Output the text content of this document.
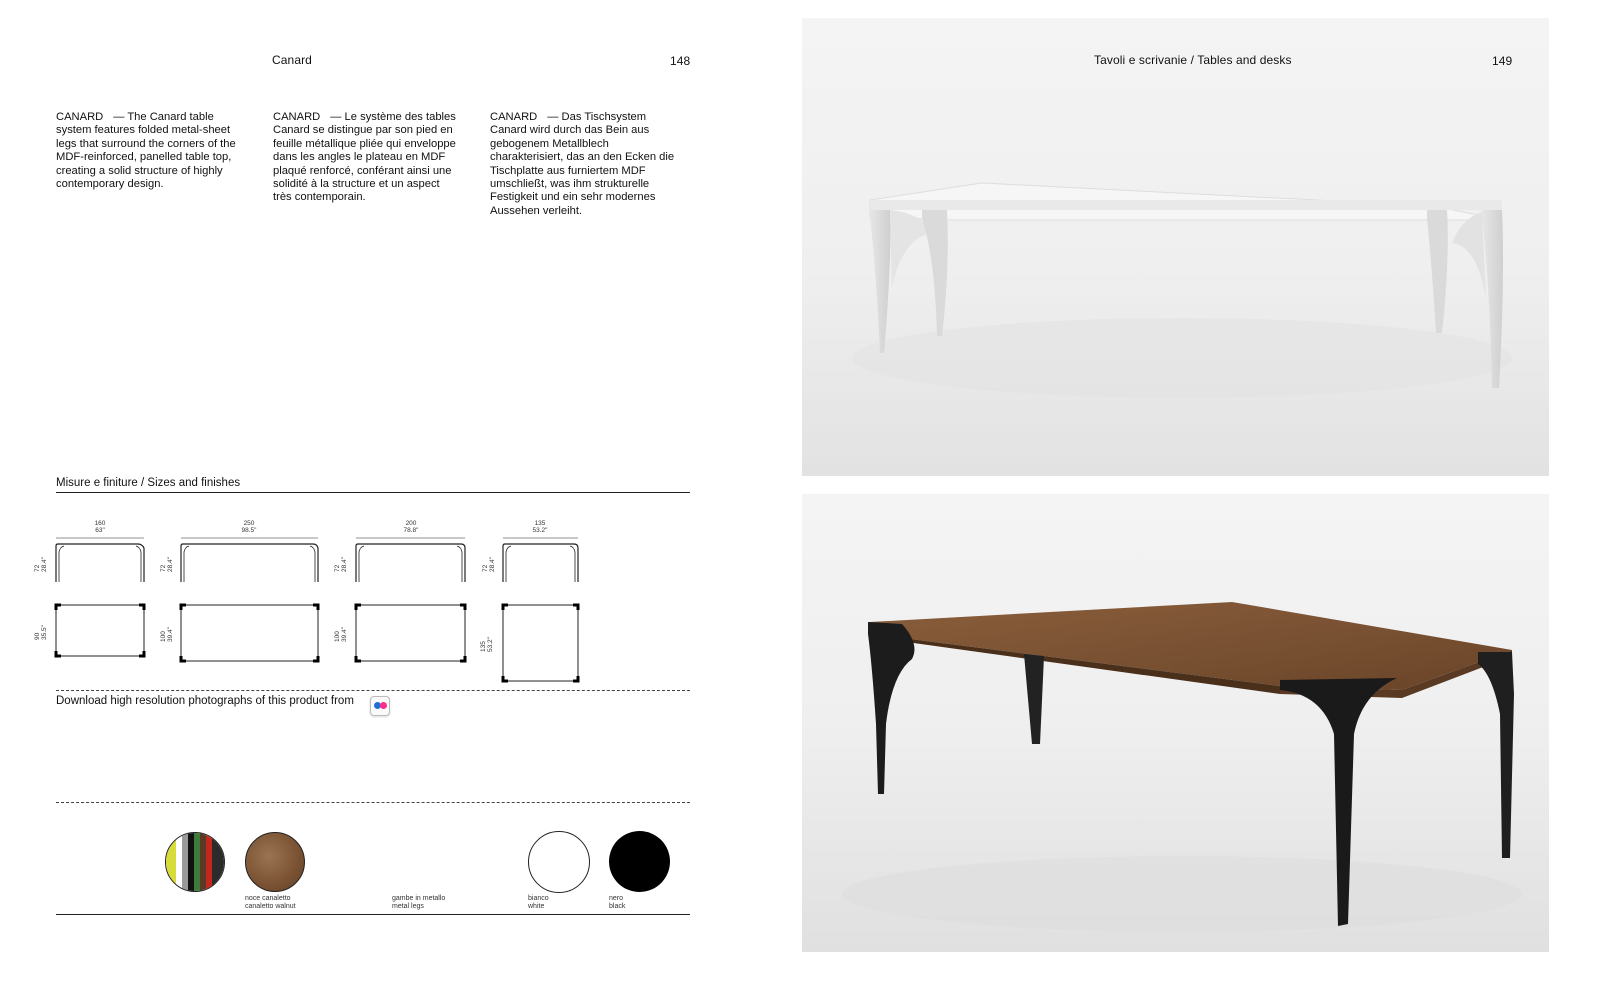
Canard	148
CANARD — The Canard table system features folded metal-sheet legs that surround the corners of the MDF-reinforced, panelled table top, creating a solid structure of highly contemporary design.
CANARD — Le système des tables Canard se distingue par son pied en feuille métallique pliée qui enveloppe dans les angles le plateau en MDF plaqué renforcé, conférant ainsi une solidité à la structure et un aspect très contemporain.
CANARD — Das Tischsystem Canard wird durch das Bein aus gebogenem Metallblech charakterisiert, das an den Ecken die Tischplatte aus furniertem MDF umschließt, was ihm strukturelle Festigkeit und ein sehr modernes Aussehen verleiht.
Misure e finiture / Sizes and finishes
160
63"
72 28.4"
90 35.5"
250
98.5"
72 28.4"
100 39.4"
200
78.8"
72 28.4"
100 39.4"
135
53.2"
72 28.4"
135 53.2"
Download high resolution photographs of this product from
noce canaletto
canaletto walnut
gambe in metallo
metal legs
bianco
white
nero
black
Tavoli e scrivanie / Tables and desks	149
